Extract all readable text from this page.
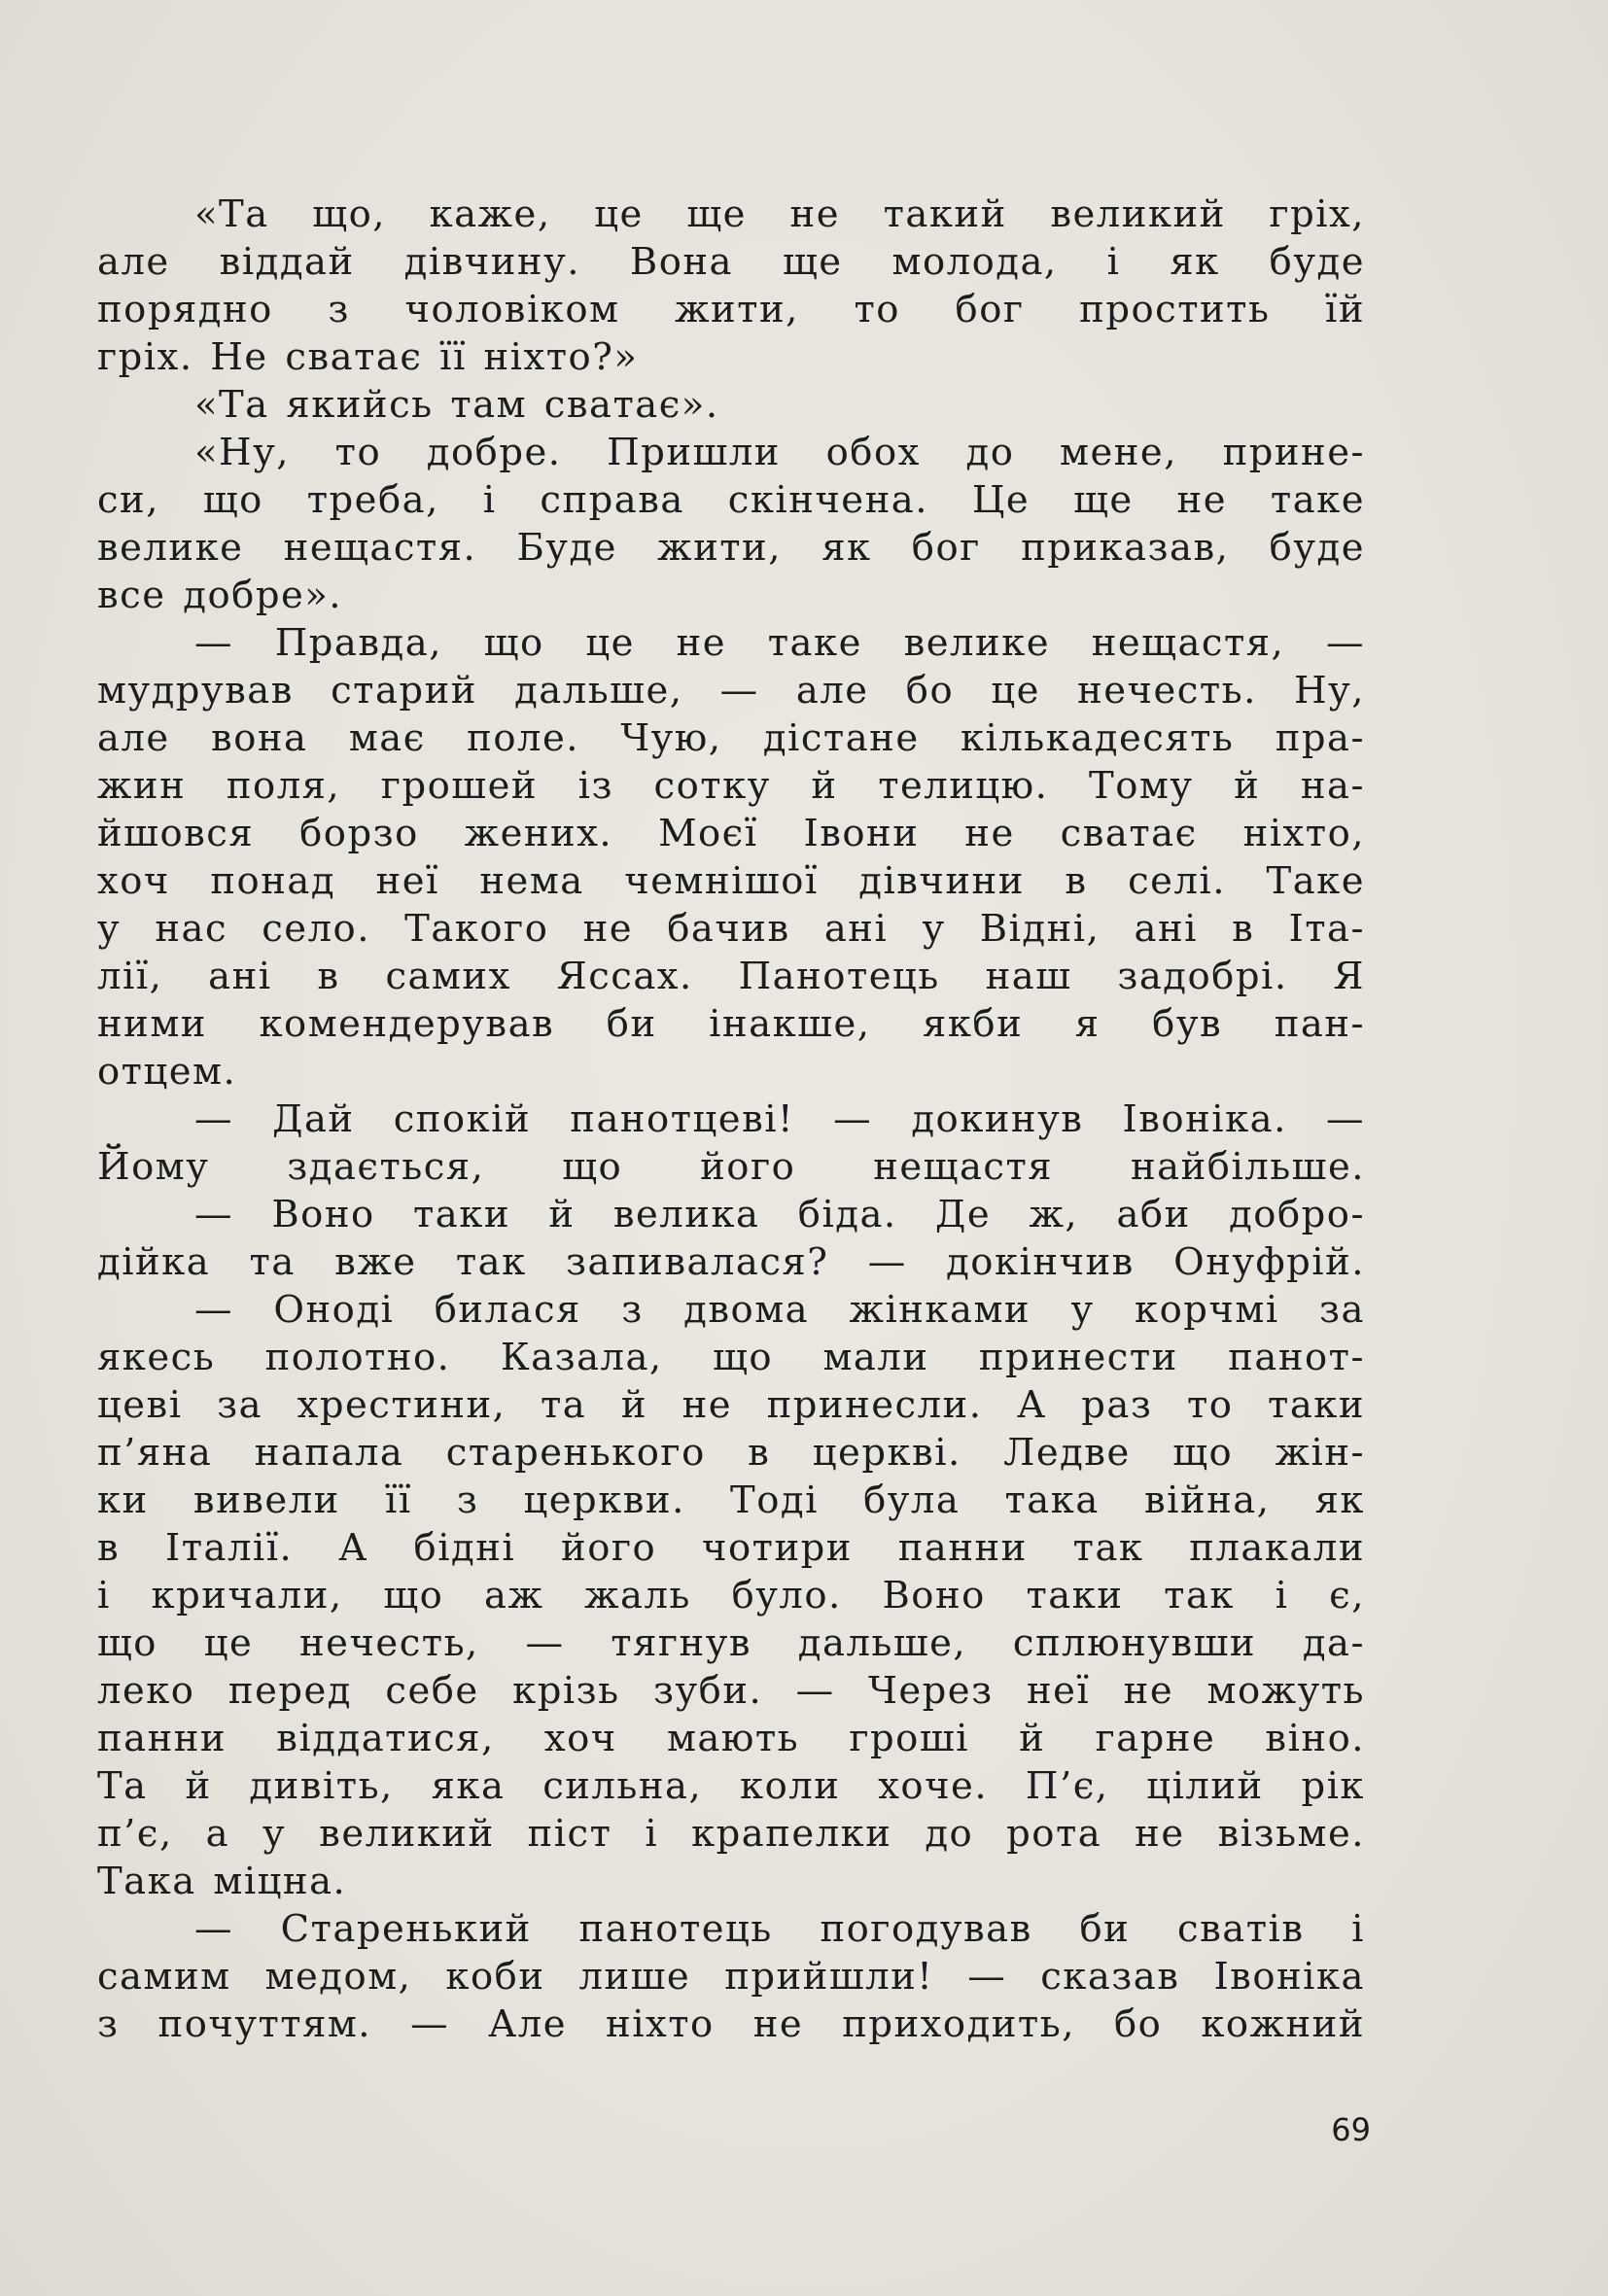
«Та що, каже, це ще не такий великий гріх,
але віддай дівчину. Вона ще молода, і як буде
порядно з чоловіком жити, то бог простить їй
гріх. Не сватає її ніхто?»
«Та якийсь там сватає».
«Ну, то добре. Пришли обох до мене, прине-
си, що треба, і справа скінчена. Це ще не таке
велике нещастя. Буде жити, як бог приказав, буде
все добре».
— Правда, що це не таке велике нещастя, —
мудрував старий дальше, — але бо це нечесть. Ну,
але вона має поле. Чую, дістане кількадесять пра-
жин поля, грошей із сотку й телицю. Тому й на-
йшовся борзо жених. Моєї Івони не сватає ніхто,
хоч понад неї нема чемнішої дівчини в селі. Таке
у нас село. Такого не бачив ані у Відні, ані в Іта-
лії, ані в самих Яссах. Панотець наш задобрі. Я
ними комендерував би інакше, якби я був пан-
отцем.
— Дай спокій панотцеві! — докинув Івоніка. —
Йому здається, що його нещастя найбільше.
— Воно таки й велика біда. Де ж, аби добро-
дійка та вже так запивалася? — докінчив Онуфрій.
— Оноді билася з двома жінками у корчмі за
якесь полотно. Казала, що мали принести панот-
цеві за хрестини, та й не принесли. А раз то таки
п’яна напала старенького в церкві. Ледве що жін-
ки вивели її з церкви. Тоді була така війна, як
в Італії. А бідні його чотири панни так плакали
і кричали, що аж жаль було. Воно таки так і є,
що це нечесть, — тягнув дальше, сплюнувши да-
леко перед себе крізь зуби. — Через неї не можуть
панни віддатися, хоч мають гроші й гарне віно.
Та й дивіть, яка сильна, коли хоче. П’є, цілий рік
п’є, а у великий піст і крапелки до рота не візьме.
Така міцна.
— Старенький панотець погодував би сватів і
самим медом, коби лише прийшли! — сказав Івоніка
з почуттям. — Але ніхто не приходить, бо кожний
69
